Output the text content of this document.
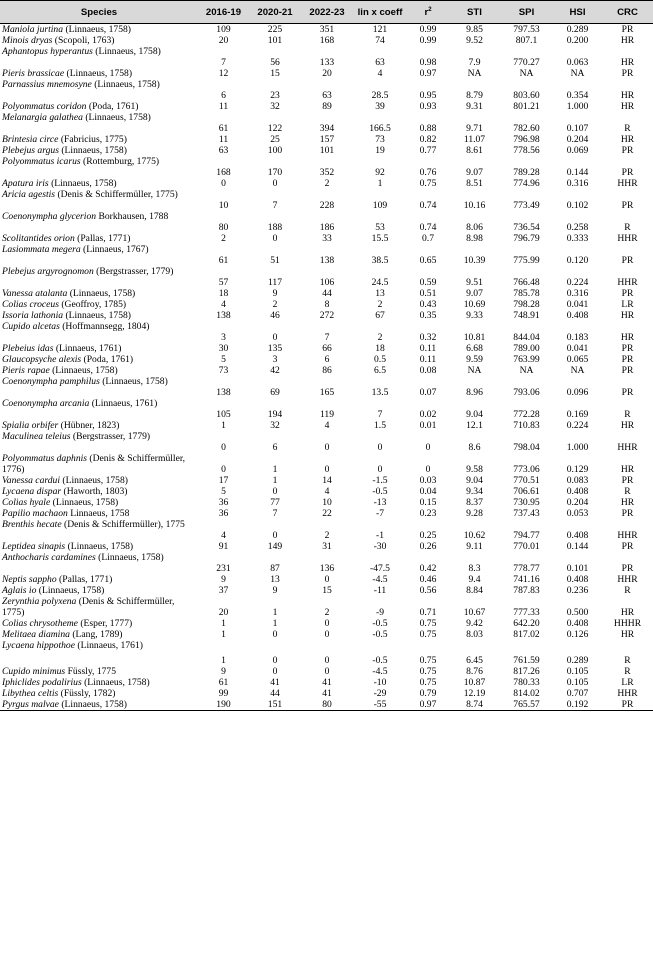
Species	2016-19	2020-21	2022-23	lin x coeff	$r^2$	STI	SPI	HSI	CRC
Maniola jurtina (Linnaeus, 1758)	109	225	351	121	0.99	9.85	797.53	0.289	PR
Minois dryas (Scopoli, 1763)	20	101	168	74	0.99	9.52	807.1	0.200	HR
Aphantopus hyperantus (Linnaeus, 1758)	7	56	133	63	0.98	7.9	770.27	0.063	HR
Pieris brassicae (Linnaeus, 1758)	12	15	20	4	0.97	NA	NA	NA	PR
Parnassius mnemosyne (Linnaeus, 1758)	6	23	63	28.5	0.95	8.79	803.60	0.354	HR
Polyommatus coridon (Poda, 1761)	11	32	89	39	0.93	9.31	801.21	1.000	HR
Melanargia galathea (Linnaeus, 1758)	61	122	394	166.5	0.88	9.71	782.60	0.107	R
Brintesia circe (Fabricius, 1775)	11	25	157	73	0.82	11.07	796.98	0.204	HR
Plebejus argus (Linnaeus, 1758)	63	100	101	19	0.77	8.61	778.56	0.069	PR
Polyommatus icarus (Rottemburg, 1775)	168	170	352	92	0.76	9.07	789.28	0.144	PR
Apatura iris (Linnaeus, 1758)	0	0	2	1	0.75	8.51	774.96	0.316	HHR
Aricia agestis (Denis & Schiffermüller, 1775)	10	7	228	109	0.74	10.16	773.49	0.102	PR
Coenonympha glycerion Borkhausen, 1788	80	188	186	53	0.74	8.06	736.54	0.258	R
Scolitantides orion (Pallas, 1771)	2	0	33	15.5	0.7	8.98	796.79	0.333	HHR
Lasiommata megera (Linnaeus, 1767)	61	51	138	38.5	0.65	10.39	775.99	0.120	PR
Plebejus argyrognomon (Bergstrasser, 1779)	57	117	106	24.5	0.59	9.51	766.48	0.224	HHR
Vanessa atalanta (Linnaeus, 1758)	18	9	44	13	0.51	9.07	785.78	0.316	PR
Colias croceus (Geoffroy, 1785)	4	2	8	2	0.43	10.69	798.28	0.041	LR
Issoria lathonia (Linnaeus, 1758)	138	46	272	67	0.35	9.33	748.91	0.408	HR
Cupido alcetas (Hoffmannsegg, 1804)	3	0	7	2	0.32	10.81	844.04	0.183	HR
Plebeius idas (Linnaeus, 1761)	30	135	66	18	0.11	6.68	789.00	0.041	PR
Glaucopsyche alexis (Poda, 1761)	5	3	6	0.5	0.11	9.59	763.99	0.065	PR
Pieris rapae (Linnaeus, 1758)	73	42	86	6.5	0.08	NA	NA	NA	PR
Coenonympha pamphilus (Linnaeus, 1758)	138	69	165	13.5	0.07	8.96	793.06	0.096	PR
Coenonympha arcania (Linnaeus, 1761)	105	194	119	7	0.02	9.04	772.28	0.169	R
Spialia orbifer (Hübner, 1823)	1	32	4	1.5	0.01	12.1	710.83	0.224	HR
Maculinea teleius (Bergstrasser, 1779)	0	6	0	0	0	8.6	798.04	1.000	HHR
Polyommatus daphnis (Denis & Schiffermüller, 1776)	0	1	0	0	0	9.58	773.06	0.129	HR
Vanessa cardui (Linnaeus, 1758)	17	1	14	-1.5	0.03	9.04	770.51	0.083	PR
Lycaena dispar (Haworth, 1803)	5	0	4	-0.5	0.04	9.34	706.61	0.408	R
Colias hyale (Linnaeus, 1758)	36	77	10	-13	0.15	8.37	730.95	0.204	HR
Papilio machaon Linnaeus, 1758	36	7	22	-7	0.23	9.28	737.43	0.053	PR
Brenthis hecate (Denis & Schiffermüller), 1775	4	0	2	-1	0.25	10.62	794.77	0.408	HHR
Leptidea sinapis (Linnaeus, 1758)	91	149	31	-30	0.26	9.11	770.01	0.144	PR
Anthocharis cardamines (Linnaeus, 1758)	231	87	136	-47.5	0.42	8.3	778.77	0.101	PR
Neptis sappho (Pallas, 1771)	9	13	0	-4.5	0.46	9.4	741.16	0.408	HHR
Aglais io (Linnaeus, 1758)	37	9	15	-11	0.56	8.84	787.83	0.236	R
Zerynthia polyxena (Denis & Schiffermüller, 1775)	20	1	2	-9	0.71	10.67	777.33	0.500	HR
Colias chrysotheme (Esper, 1777)	1	1	0	-0.5	0.75	9.42	642.20	0.408	HHHR
Melitaea diamina (Lang, 1789)	1	0	0	-0.5	0.75	8.03	817.02	0.126	HR
Lycaena hippothoe (Linnaeus, 1761)	1	0	0	-0.5	0.75	6.45	761.59	0.289	R
Cupido minimus Füssly, 1775	9	0	0	-4.5	0.75	8.76	817.26	0.105	R
Iphiclides podalirius (Linnaeus, 1758)	61	41	41	-10	0.75	10.87	780.33	0.105	LR
Libythea celtis (Füssly, 1782)	99	44	41	-29	0.79	12.19	814.02	0.707	HHR
Pyrgus malvae (Linnaeus, 1758)	190	151	80	-55	0.97	8.74	765.57	0.192	PR
